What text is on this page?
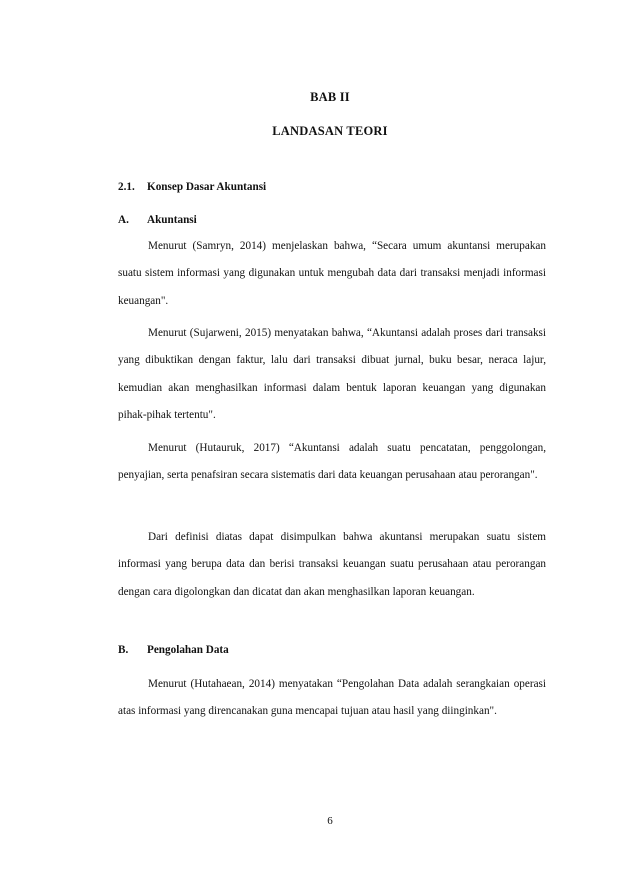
BAB II
LANDASAN TEORI
2.1. Konsep Dasar Akuntansi
A. Akuntansi

Menurut (Samryn, 2014) menjelaskan bahwa, “Secara umum akuntansi merupakan suatu sistem informasi yang digunakan untuk mengubah data dari transaksi menjadi informasi keuangan".

Menurut (Sujarweni, 2015) menyatakan bahwa, “Akuntansi adalah proses dari transaksi yang dibuktikan dengan faktur, lalu dari transaksi dibuat jurnal, buku besar, neraca lajur, kemudian akan menghasilkan informasi dalam bentuk laporan keuangan yang digunakan pihak-pihak tertentu".

Menurut (Hutauruk, 2017) “Akuntansi adalah suatu pencatatan, penggolongan, penyajian, serta penafsiran secara sistematis dari data keuangan perusahaan atau perorangan".

Dari definisi diatas dapat disimpulkan bahwa akuntansi merupakan suatu sistem informasi yang berupa data dan berisi transaksi keuangan suatu perusahaan atau perorangan dengan cara digolongkan dan dicatat dan akan menghasilkan laporan keuangan.

B. Pengolahan Data

Menurut (Hutahaean, 2014) menyatakan “Pengolahan Data adalah serangkaian operasi atas informasi yang direncanakan guna mencapai tujuan atau hasil yang diinginkan".

6
